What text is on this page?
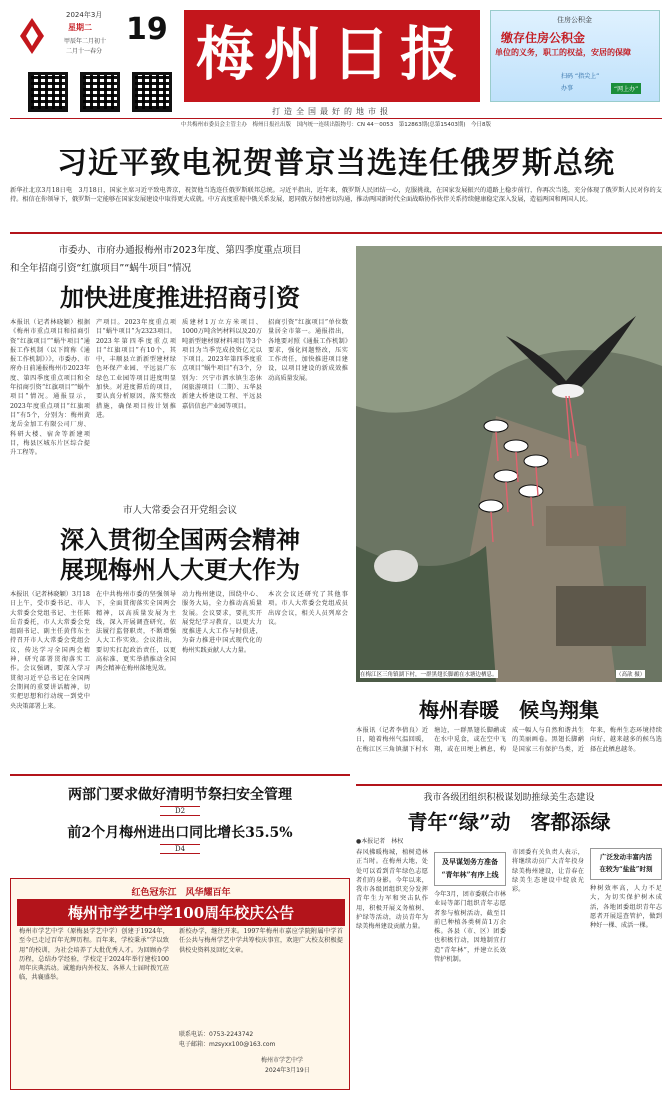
2024年3月
星期二 19
甲辰年二月初十
二月十一春分 梅州日报
打造全国最好的地市报
住房公积金
缴存住房公积金
单位的义务，职工的权益，安居的保障
扫码 “指尖上”
办事	“网上办”
中共梅州市委员会主管主办　梅州日报社出版　国内统一连续出版物号：CN 44－0053　第12863期(总第15403期)　今日8版
习近平致电祝贺普京当选连任俄罗斯总统
新华社北京3月18日电　3月18日，国家主席习近平致电普京，祝贺他当选连任俄罗斯联邦总统。习近平指出，近年来，俄罗斯人民团结一心，克服挑战，在国家发展振兴的道路上稳步前行，你再次当选，充分体现了俄罗斯人民对你的支持。相信在你领导下，俄罗斯一定能够在国家发展建设中取得更大成就。中方高度重视中俄关系发展，愿同俄方保持密切沟通，推动两国新时代全面战略协作伙伴关系持续健康稳定深入发展，造福两国和两国人民。
市委办、市府办通报梅州市2023年度、第四季度重点项目
和全年招商引资“红旗项目”“蜗牛项目”情况
加快进度推进招商引资
本报讯（记者林晓颖）根据《梅州市重点项目和招商引资“红旗项目”“蜗牛项目”通报工作机制（以下简称《通报工作机制》）》，市委办、市府办日前通报梅州市2023年度、第四季度重点项目和全年招商引资“红旗项目”“蜗牛项目”情况。通报显示，2023年度重点项目“红旗项目”有5个，分别为：梅州黄龙岳金加工有限公司厂房、科研大楼、宿舍等新建项目，梅县区城东片区综合提升工程等。
产项目。2023年度重点项目“蜗牛项目”为2323项目。2023年第四季度重点项目“红旗项目”有10个，其中，丰顺县立新新型建材绿色环保产业园、平远县广东绿色工业园等项目进度明显加快。对进度滞后的项目，要认真分析原因，落实整改措施，确保项目按计划推进。
质建材1万立方米项目、1000万吨含钙材料以及20万吨新型建材原材料项目等3个项目为当季完成投资亿元以下项目。2023年第四季度重点项目“蜗牛项目”有3个，分别为：兴宁市泗水镇生态休闲旅游项目（二期）、五华县新建大桥建设工程、平远县嘉信信息产业园等项目。
招商引资“红旗项目”单位数量居全市第一。通报指出，各地要对照《通报工作机制》要求，强化问题整改，压实工作责任，加快推进项目建设，以项目建设的新成效推动高质量发展。
市人大常委会召开党组会议
深入贯彻全国两会精神
展现梅州人大更大作为
本报讯（记者林晓颖）3月18日上午，受市委书记、市人大常委会党组书记、主任陈岳青委托，市人大常委会党组副书记、副主任黄伟东主持召开市人大常委会党组会议，传达学习全国两会精神，研究部署贯彻落实工作。会议强调，要深入学习贯彻习近平总书记在全国两会期间的重要讲话精神，切实把思想和行动统一到党中央决策部署上来。
在中共梅州市委的坚强领导下，全面贯彻落实全国两会精神，以高质量发展为主线，深入开展调查研究，依法履行监督职责，不断增强人大工作实效。会议指出，要切实扛起政治责任，以更高标准、更实举措推动全国两会精神在梅州落地见效。
动力梅州建设，围绕中心、服务大局，全力推动高质量发展。会议要求，要扎实开展党纪学习教育，以更大力度推进人大工作与时俱进，为奋力推进中国式现代化的梅州实践贡献人大力量。
本次会议还研究了其他事项。市人大常委会党组成员出席会议，相关人员列席会议。
在梅江区三角镇湖下村，一群黑翅长脚鹬在水塘边栖息。	（高歆 摄）
梅州春暖　候鸟翔集
本报讯（记者李倩良）近日，随着梅州气温回暖，在梅江区三角镇湖下村水塘边，一群黑翅长脚鹬或在水中觅食，或在空中飞翔，或在田埂上栖息，构成一幅人与自然和谐共生的美丽画卷。黑翅长脚鹬是国家三有保护鸟类，近年来，梅州生态环境持续向好，越来越多的候鸟选择在此栖息越冬。
两部门要求做好清明节祭扫安全管理
D2
前2个月梅州进出口同比增长35.5%
D4
红色冠东江　风华耀百年
梅州市学艺中学100周年校庆公告
梅州市学艺中学（原梅县学艺中学）创建于1924年，至今已走过百年光辉历程。百年来，学校秉承“学以致用”的校训，为社会培养了大批优秀人才。为回顾办学历程，总结办学经验，学校定于2024年举行建校100周年庆典活动。诚邀海内外校友、各界人士届时拨冗莅临，共襄盛举。
新校办学，继往开来。1997年梅州市嘉应学院附属中学首任公共与梅州学艺中学共筹校庆事宜，欢迎广大校友积极提供校史资料及回忆文章。
联系电话：0753-2243742
电子邮箱：mzsyxx100@163.com
梅州市学艺中学
2024年3月19日
我市各级团组织积极谋划助推绿美生态建设
青年“绿”动　客都添绿
●本报记者　林权
春风拂暖梅城，植树造林正当时。在梅州大地，处处可以看到青年绿色志愿者们的身影。今年以来，我市各级团组织充分发挥青年生力军和突击队作用，积极开展义务植树、护绿等活动，动员青年为绿美梅州建设贡献力量。
及早谋划务方准备
“青年林”有序上线
今年3月，团市委联合市林业局等部门组织青年志愿者参与植树活动，截至目前已种植各类树苗1万余株。各县（市、区）团委也积极行动，因地制宜打造“青年林”，并建立长效管护机制。
市团委有关负责人表示，将继续动员广大青年投身绿美梅州建设，让青春在绿美生态建设中绽放光彩。
广泛发动丰富内活
在较为“盐盐”时刻
种树效率高，人力不足大，为切实保护树木成活，各地团委组织青年志愿者开展巡查管护，做到种好一棵、成活一棵。
